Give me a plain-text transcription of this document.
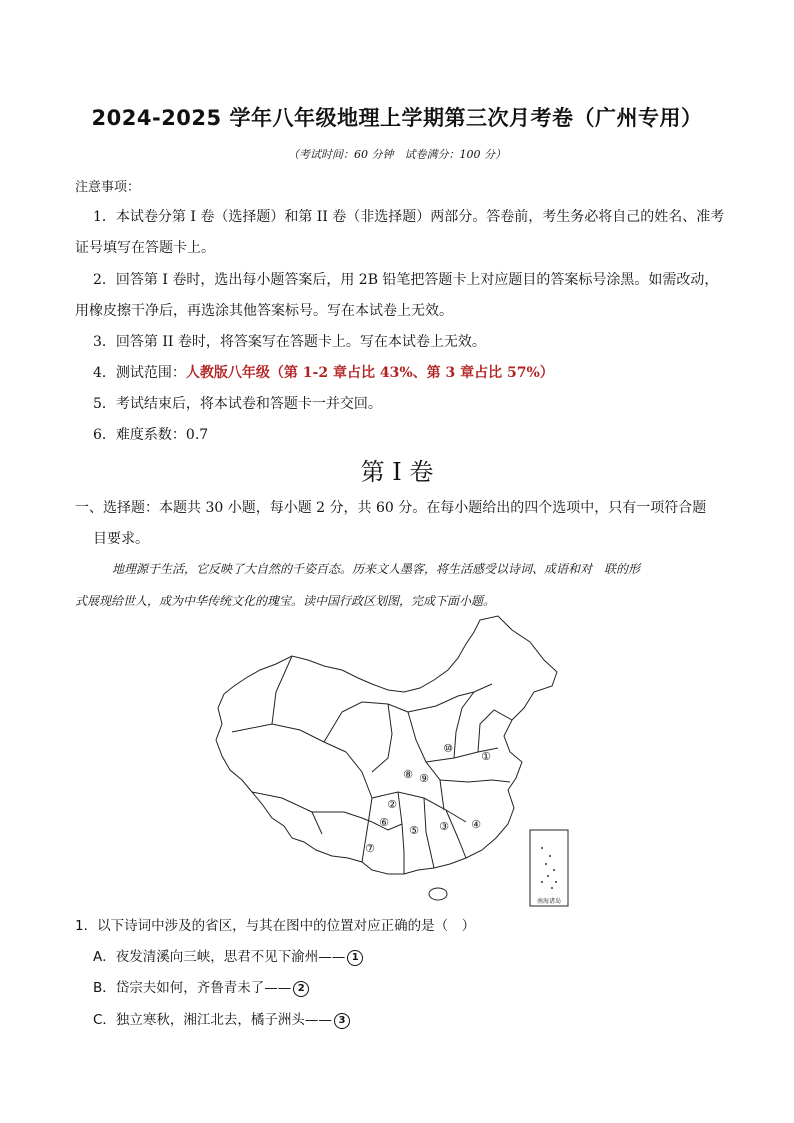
2024-2025 学年八年级地理上学期第三次月考卷（广州专用）
（考试时间：60 分钟　试卷满分：100 分）
注意事项：
1．本试卷分第 I 卷（选择题）和第 II 卷（非选择题）两部分。答卷前，考生务必将自己的姓名、准考
证号填写在答题卡上。
2．回答第 I 卷时，选出每小题答案后，用 2B 铅笔把答题卡上对应题目的答案标号涂黑。如需改动，
用橡皮擦干净后，再选涂其他答案标号。写在本试卷上无效。
3．回答第 II 卷时，将答案写在答题卡上。写在本试卷上无效。
4．测试范围：人教版八年级（第 1-2 章占比 43%、第 3 章占比 57%）
5．考试结束后，将本试卷和答题卡一并交回。
6．难度系数：0.7
第 I 卷
一、选择题：本题共 30 小题，每小题 2 分，共 60 分。在每小题给出的四个选项中，只有一项符合题
目要求。
地理源于生活，它反映了大自然的千姿百态。历来文人墨客，将生活感受以诗词、成语和对　联的形
式展现给世人，成为中华传统文化的瑰宝。读中国行政区划图，完成下面小题。
南海诸岛
①
②
③ ④
⑤
⑥
⑦
⑧ ⑨
⑩
1．以下诗词中涉及的省区，与其在图中的位置对应正确的是（　）
A．夜发清溪向三峡，思君不见下渝州—— 1
B．岱宗夫如何，齐鲁青未了—— 2
C．独立寒秋，湘江北去，橘子洲头—— 3
